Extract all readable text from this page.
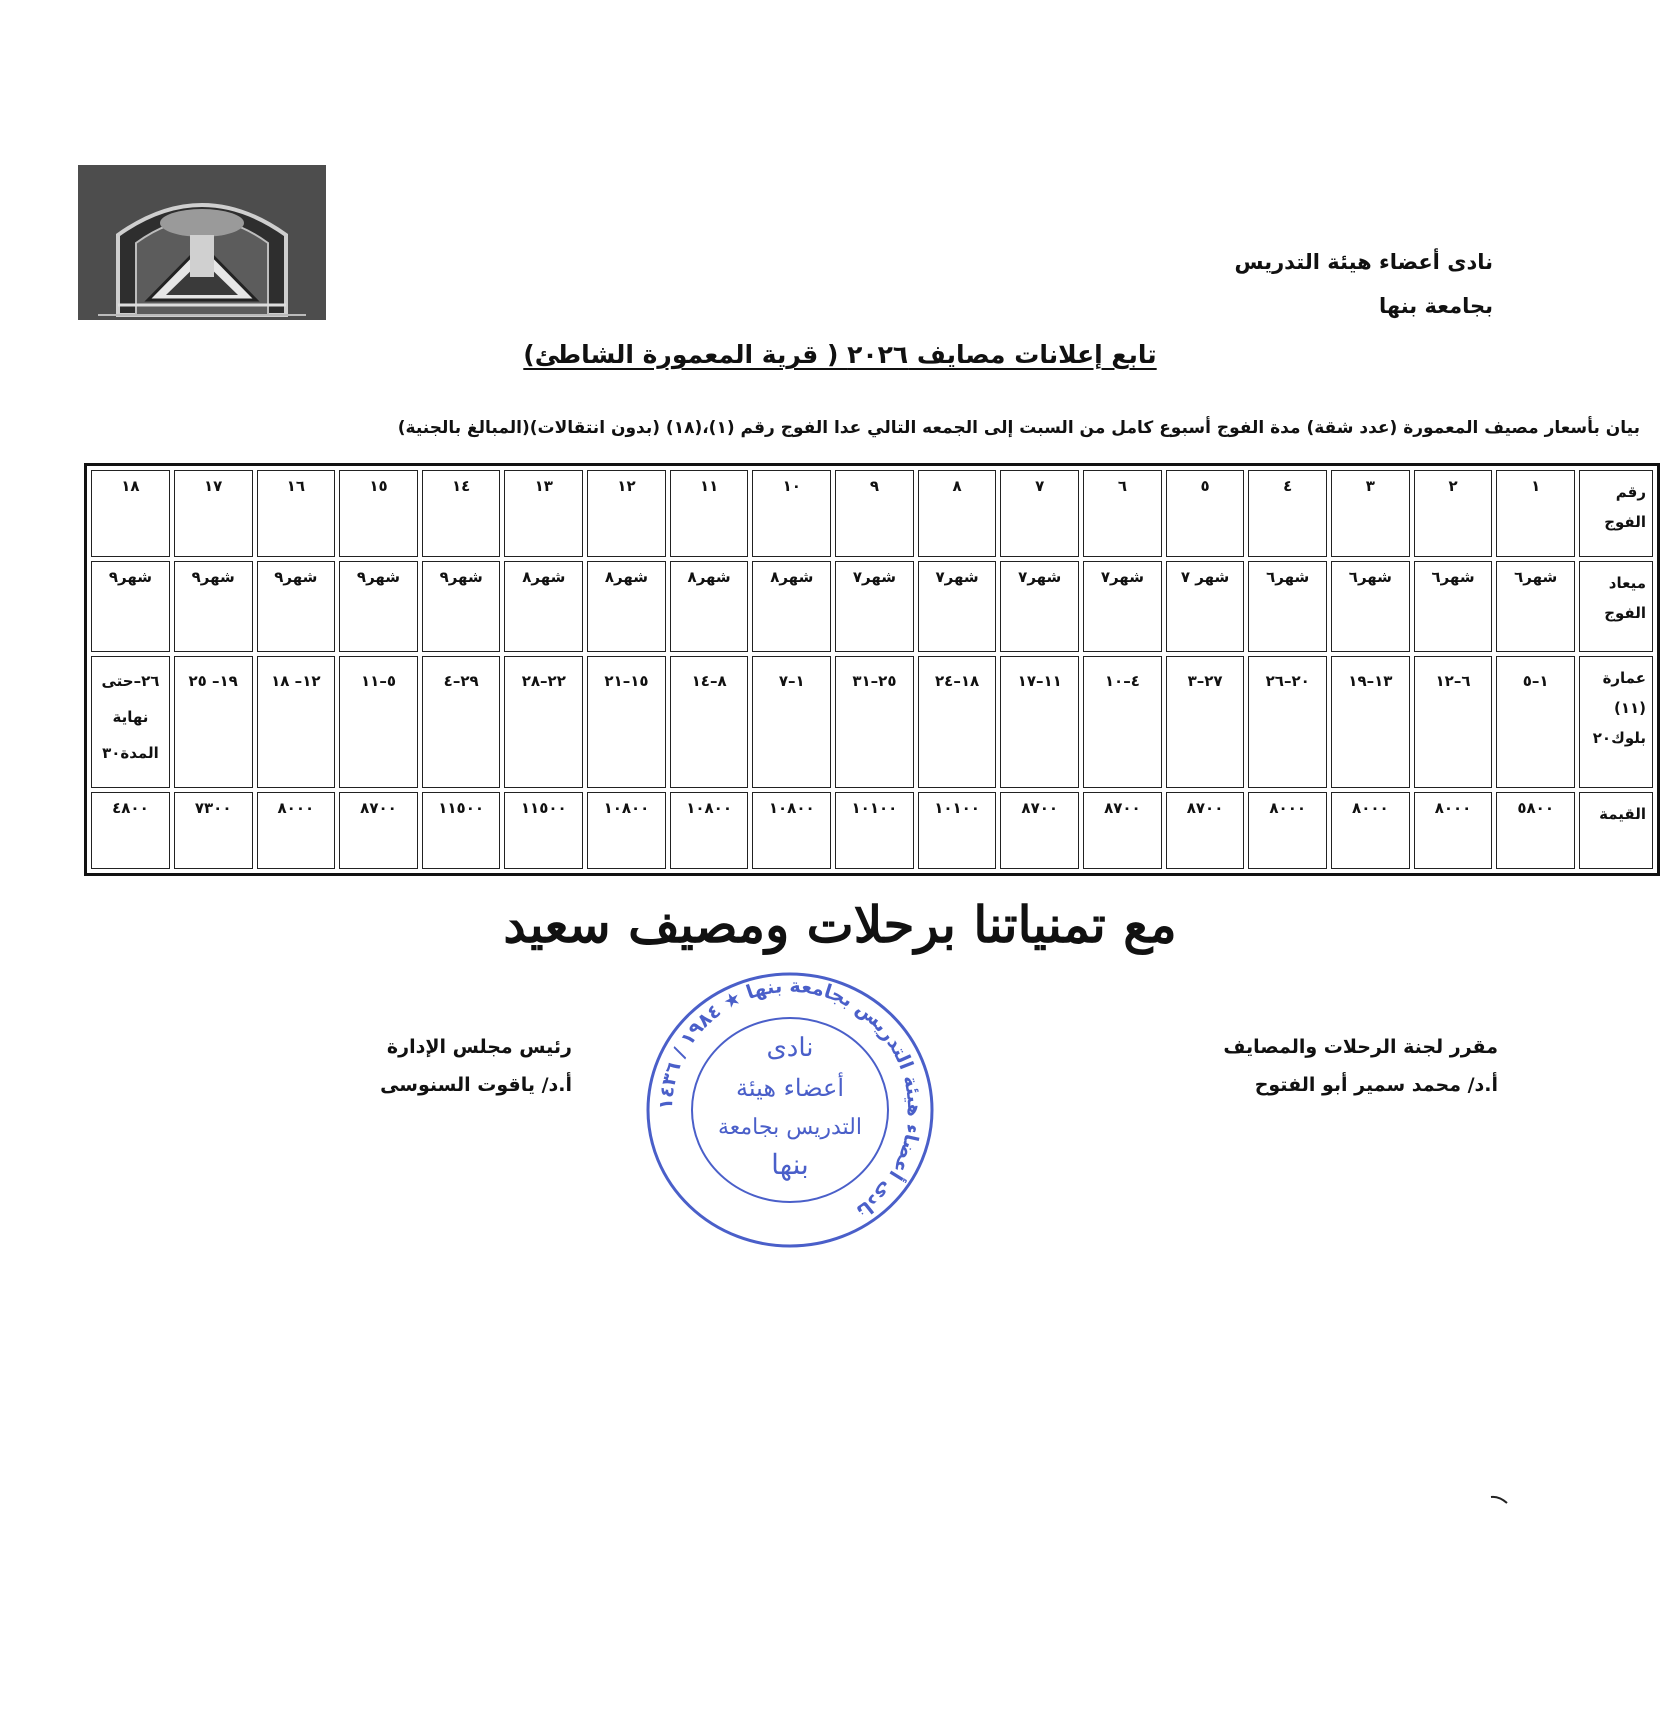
نادى أعضاء هيئة التدريس
بجامعة بنها
تابع إعلانات مصايف ٢٠٢٦ ( قرية المعمورة الشاطئ)
بيان بأسعار مصيف المعمورة (عدد شقة) مدة الفوج أسبوع كامل من السبت إلى الجمعه التالي عدا الفوج رقم (١)،(١٨) (بدون انتقالات)(المبالغ بالجنية)
رقم الفوج	١	٢	٣	٤	٥	٦	٧	٨	٩	١٠	١١	١٢	١٣	١٤	١٥	١٦	١٧	١٨
ميعاد الفوج	شهر٦	شهر٦	شهر٦	شهر٦	شهر ٧	شهر٧	شهر٧	شهر٧	شهر٧	شهر٨	شهر٨	شهر٨	شهر٨	شهر٩	شهر٩	شهر٩	شهر٩	شهر٩
عمارة (١١) بلوك٢٠	١–٥	٦–١٢	١٣–١٩	٢٠–٢٦	٢٧–٣	٤–١٠	١١–١٧	١٨–٢٤	٢٥–٣١	١–٧	٨–١٤	١٥–٢١	٢٢–٢٨	٢٩–٤	٥–١١	١٢– ١٨	١٩– ٢٥	٢٦–حتى نهاية المدة٣٠
القيمة	٥٨٠٠	٨٠٠٠	٨٠٠٠	٨٠٠٠	٨٧٠٠	٨٧٠٠	٨٧٠٠	١٠١٠٠	١٠١٠٠	١٠٨٠٠	١٠٨٠٠	١٠٨٠٠	١١٥٠٠	١١٥٠٠	٨٧٠٠	٨٠٠٠	٧٣٠٠	٤٨٠٠
مع تمنياتنا برحلات ومصيف سعيد
مقرر لجنة الرحلات والمصايف
أ.د/ محمد سمير أبو الفتوح
رئيس مجلس الإدارة
أ.د/ ياقوت السنوسى
نادى أعضاء هيئة التدريس بجامعة بنها ★ ١٩٨٤ / ١٤٣٦
نادى
أعضاء هيئة
التدريس بجامعة
بنها
